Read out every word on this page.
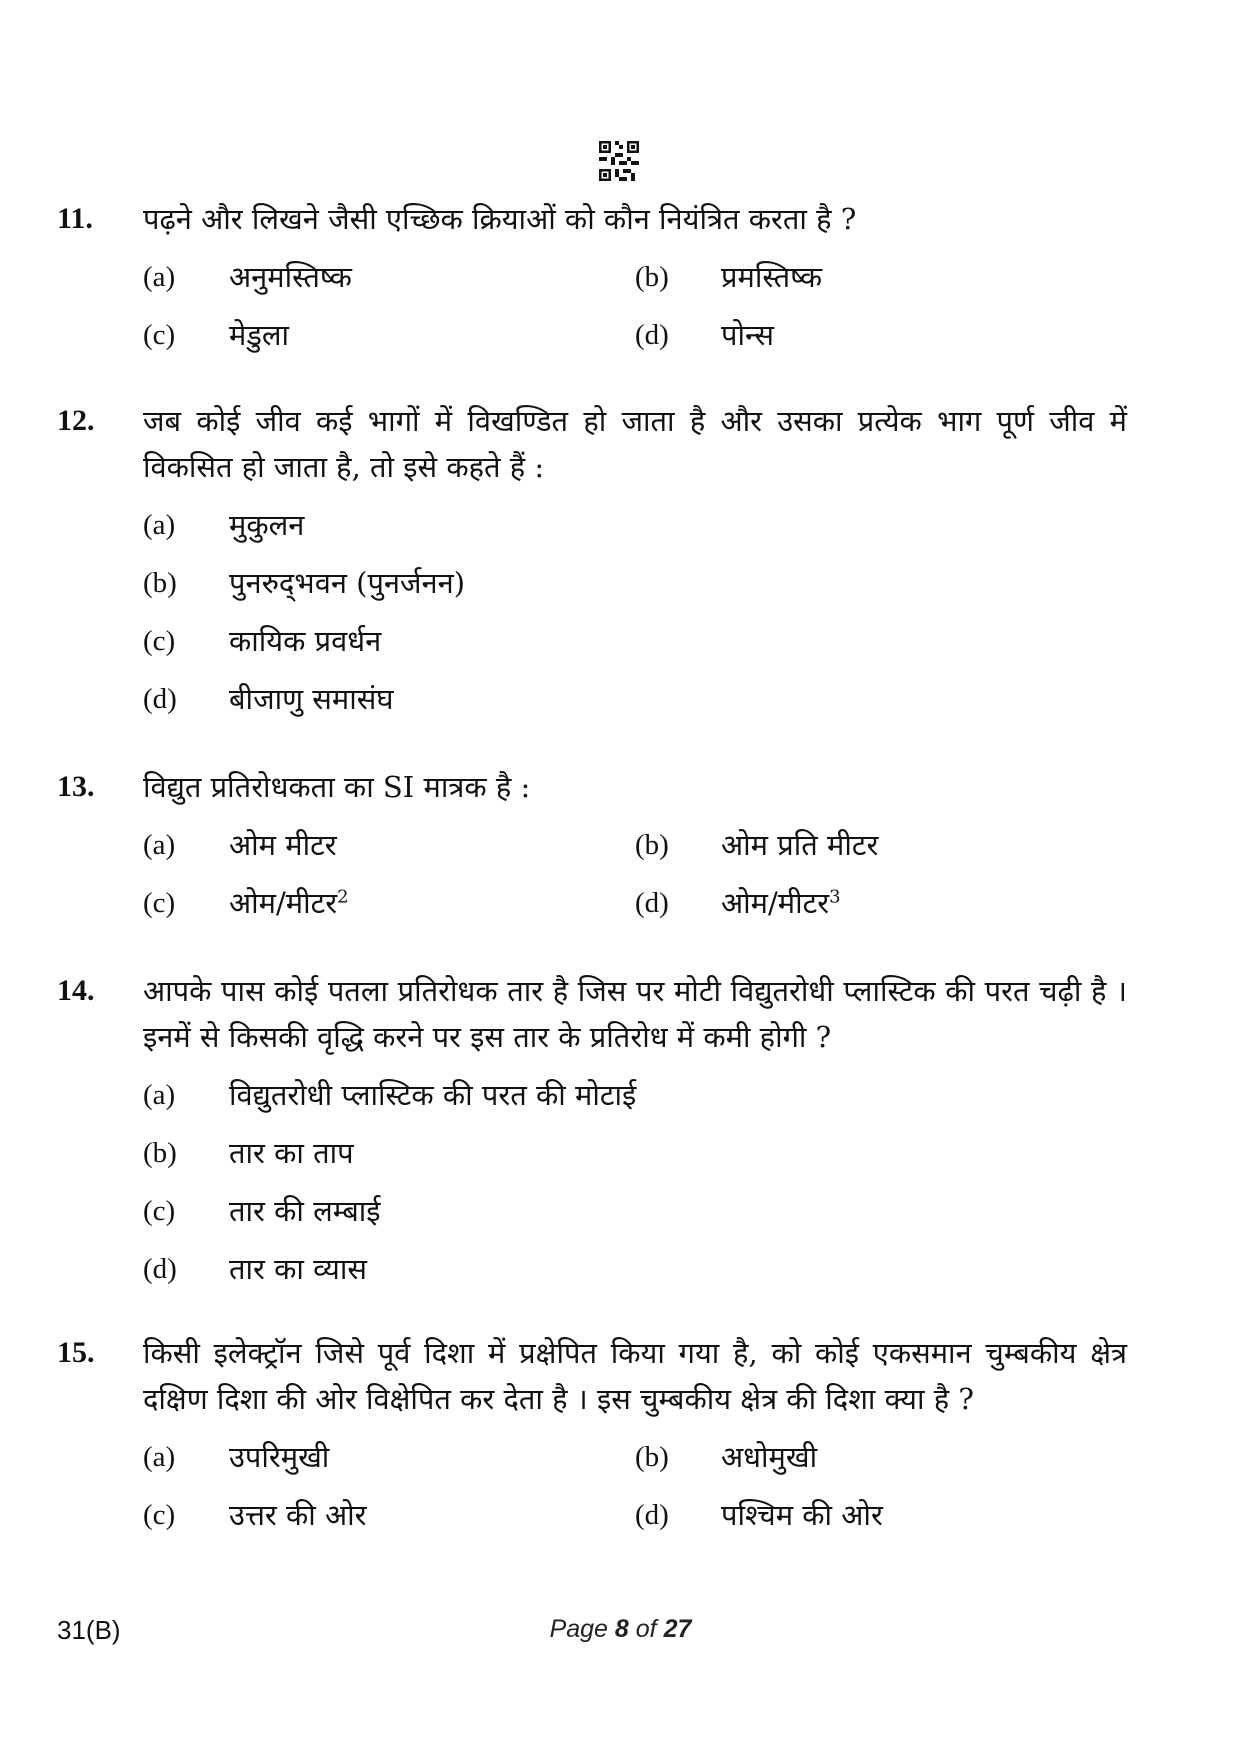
11. पढ़ने और लिखने जैसी एच्छिक क्रियाओं को कौन नियंत्रित करता है ?
(a)	अनुमस्तिष्क	(b)	प्रमस्तिष्क
(c)	मेडुला	(d)	पोन्स
12. जब कोई जीव कई भागों में विखण्डित हो जाता है और उसका प्रत्येक भाग पूर्ण जीव में विकसित हो जाता है, तो इसे कहते हैं :
(a)	मुकुलन
(b)	पुनरुद्‌भवन (पुनर्जनन)
(c)	कायिक प्रवर्धन
(d)	बीजाणु समासंघ
13. विद्युत प्रतिरोधकता का SI मात्रक है :
(a)	ओम मीटर	(b)	ओम प्रति मीटर
(c)	ओम/मीटर$^2$	(d)	ओम/मीटर$^3$
14. आपके पास कोई पतला प्रतिरोधक तार है जिस पर मोटी विद्युतरोधी प्लास्टिक की परत चढ़ी है । इनमें से किसकी वृद्धि करने पर इस तार के प्रतिरोध में कमी होगी ?
(a)	विद्युतरोधी प्लास्टिक की परत की मोटाई
(b)	तार का ताप
(c)	तार की लम्बाई
(d)	तार का व्यास
15. किसी इलेक्ट्रॉन जिसे पूर्व दिशा में प्रक्षेपित किया गया है, को कोई एकसमान चुम्बकीय क्षेत्र दक्षिण दिशा की ओर विक्षेपित कर देता है । इस चुम्बकीय क्षेत्र की दिशा क्या है ?
(a)	उपरिमुखी	(b)	अधोमुखी
(c)	उत्तर की ओर	(d)	पश्चिम की ओर
31(B)	Page 8 of 27
